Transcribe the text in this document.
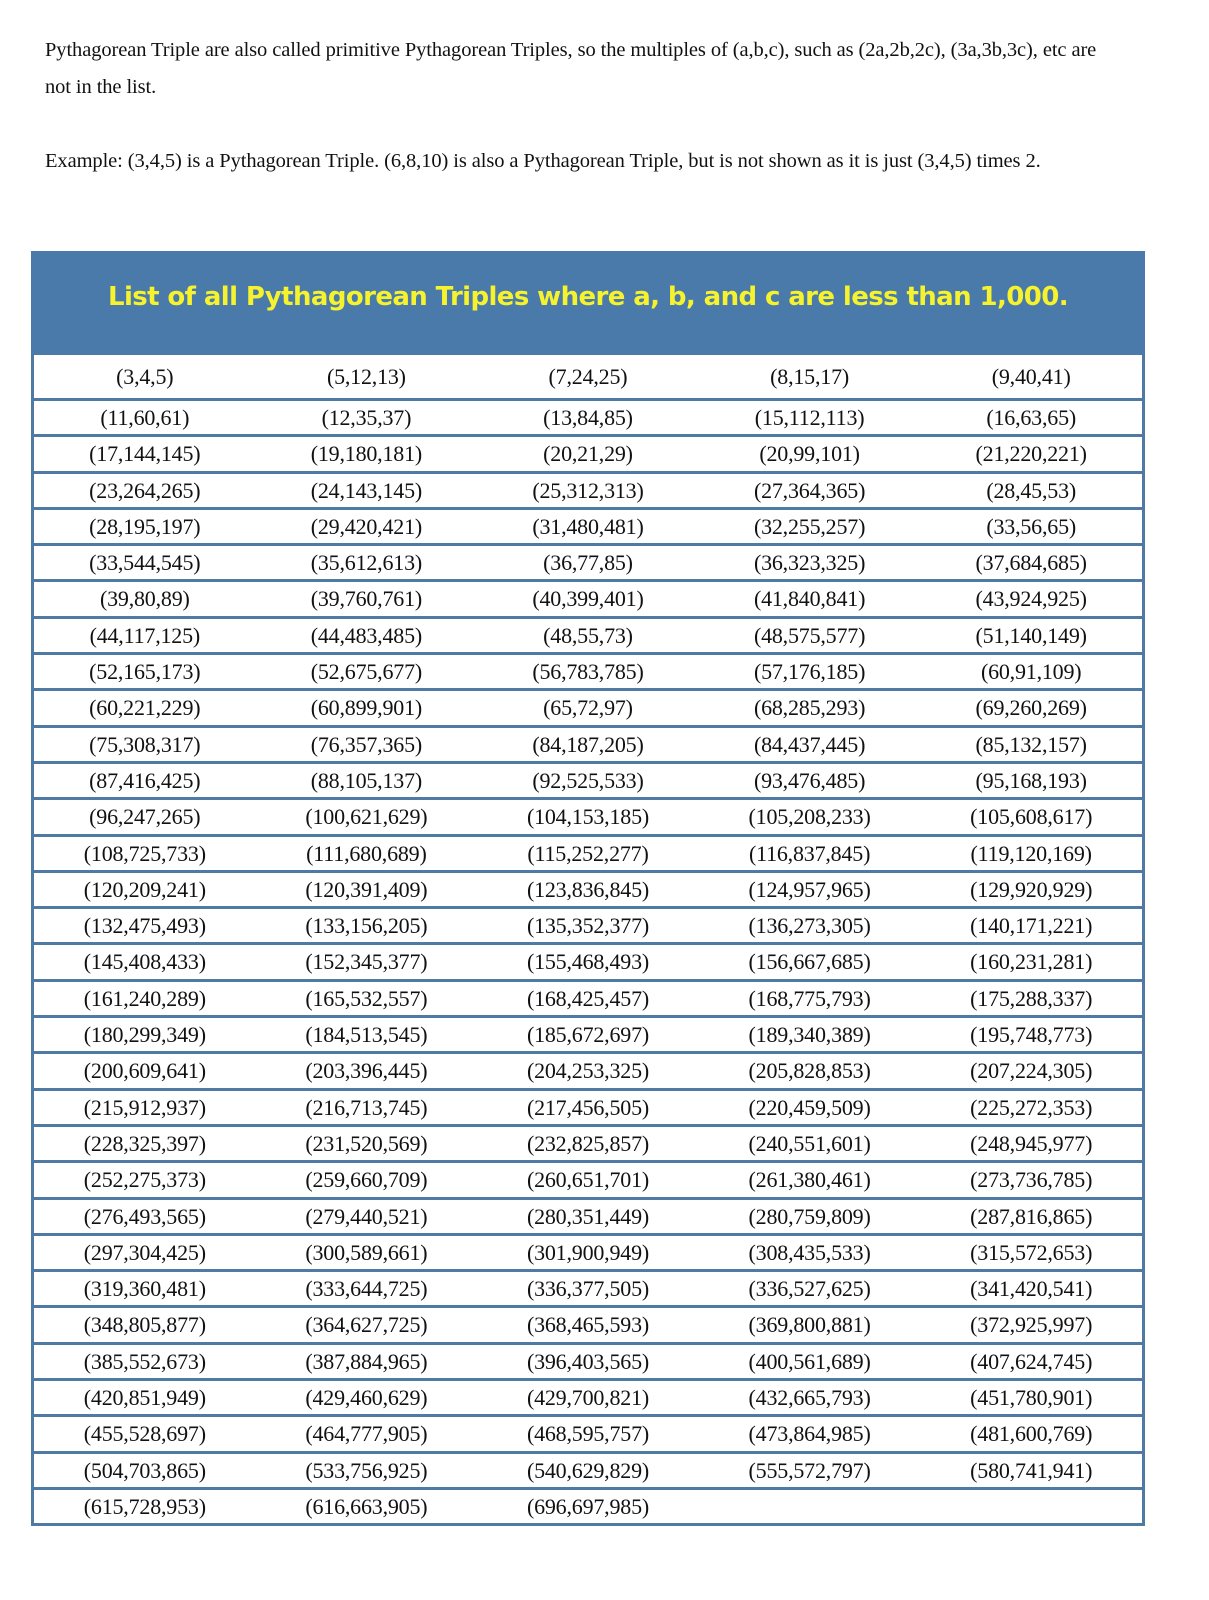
Pythagorean Triple are also called primitive Pythagorean Triples, so the multiples of (a,b,c), such as (2a,2b,2c), (3a,3b,3c), etc are not in the list.

Example: (3,4,5) is a Pythagorean Triple. (6,8,10) is also a Pythagorean Triple, but is not shown as it is just (3,4,5) times 2.

List of all Pythagorean Triples where a, b, and c are less than 1,000.
(3,4,5)	(5,12,13)	(7,24,25)	(8,15,17)	(9,40,41)
(11,60,61)	(12,35,37)	(13,84,85)	(15,112,113)	(16,63,65)
(17,144,145)	(19,180,181)	(20,21,29)	(20,99,101)	(21,220,221)
(23,264,265)	(24,143,145)	(25,312,313)	(27,364,365)	(28,45,53)
(28,195,197)	(29,420,421)	(31,480,481)	(32,255,257)	(33,56,65)
(33,544,545)	(35,612,613)	(36,77,85)	(36,323,325)	(37,684,685)
(39,80,89)	(39,760,761)	(40,399,401)	(41,840,841)	(43,924,925)
(44,117,125)	(44,483,485)	(48,55,73)	(48,575,577)	(51,140,149)
(52,165,173)	(52,675,677)	(56,783,785)	(57,176,185)	(60,91,109)
(60,221,229)	(60,899,901)	(65,72,97)	(68,285,293)	(69,260,269)
(75,308,317)	(76,357,365)	(84,187,205)	(84,437,445)	(85,132,157)
(87,416,425)	(88,105,137)	(92,525,533)	(93,476,485)	(95,168,193)
(96,247,265)	(100,621,629)	(104,153,185)	(105,208,233)	(105,608,617)
(108,725,733)	(111,680,689)	(115,252,277)	(116,837,845)	(119,120,169)
(120,209,241)	(120,391,409)	(123,836,845)	(124,957,965)	(129,920,929)
(132,475,493)	(133,156,205)	(135,352,377)	(136,273,305)	(140,171,221)
(145,408,433)	(152,345,377)	(155,468,493)	(156,667,685)	(160,231,281)
(161,240,289)	(165,532,557)	(168,425,457)	(168,775,793)	(175,288,337)
(180,299,349)	(184,513,545)	(185,672,697)	(189,340,389)	(195,748,773)
(200,609,641)	(203,396,445)	(204,253,325)	(205,828,853)	(207,224,305)
(215,912,937)	(216,713,745)	(217,456,505)	(220,459,509)	(225,272,353)
(228,325,397)	(231,520,569)	(232,825,857)	(240,551,601)	(248,945,977)
(252,275,373)	(259,660,709)	(260,651,701)	(261,380,461)	(273,736,785)
(276,493,565)	(279,440,521)	(280,351,449)	(280,759,809)	(287,816,865)
(297,304,425)	(300,589,661)	(301,900,949)	(308,435,533)	(315,572,653)
(319,360,481)	(333,644,725)	(336,377,505)	(336,527,625)	(341,420,541)
(348,805,877)	(364,627,725)	(368,465,593)	(369,800,881)	(372,925,997)
(385,552,673)	(387,884,965)	(396,403,565)	(400,561,689)	(407,624,745)
(420,851,949)	(429,460,629)	(429,700,821)	(432,665,793)	(451,780,901)
(455,528,697)	(464,777,905)	(468,595,757)	(473,864,985)	(481,600,769)
(504,703,865)	(533,756,925)	(540,629,829)	(555,572,797)	(580,741,941)
(615,728,953)	(616,663,905)	(696,697,985)
